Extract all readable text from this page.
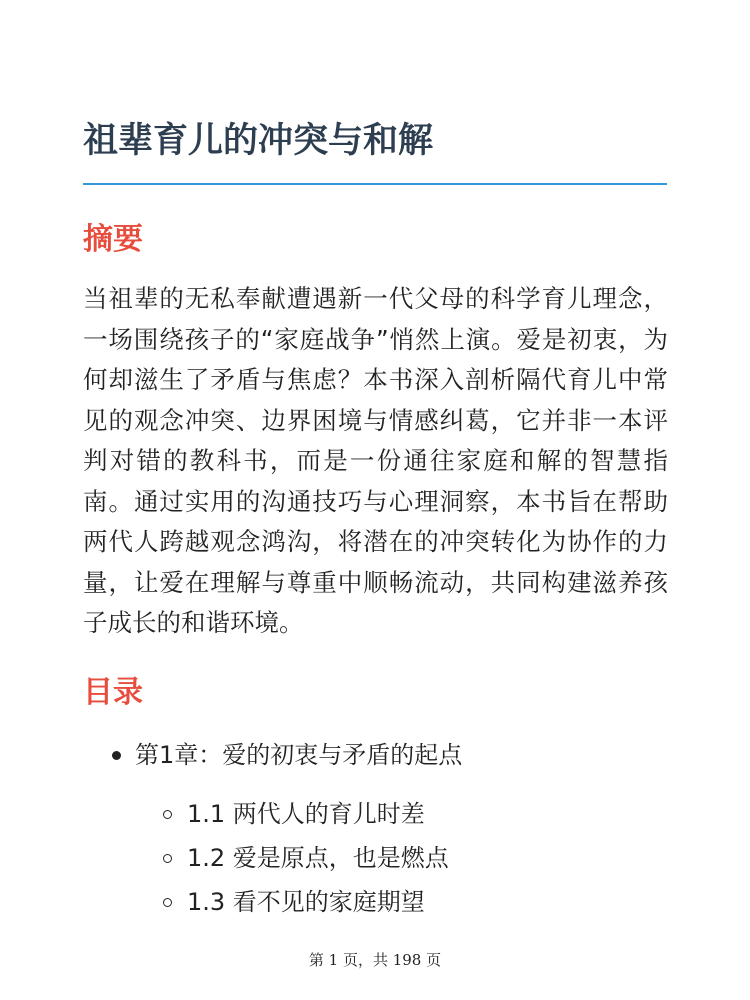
祖辈育儿的冲突与和解
摘要

当祖辈的无私奉献遭遇新一代父母的科学育儿理念，一场围绕孩子的“家庭战争”悄然上演。爱是初衷，为何却滋生了矛盾与焦虑？本书深入剖析隔代育儿中常见的观念冲突、边界困境与情感纠葛，它并非一本评判对错的教科书，而是一份通往家庭和解的智慧指南。通过实用的沟通技巧与心理洞察，本书旨在帮助两代人跨越观念鸿沟，将潜在的冲突转化为协作的力量，让爱在理解与尊重中顺畅流动，共同构建滋养孩子成长的和谐环境。

目录
第1章：爱的初衷与矛盾的起点
1.1 两代人的育儿时差
1.2 爱是原点，也是燃点
1.3 看不见的家庭期望
第 1 页，共 198 页
